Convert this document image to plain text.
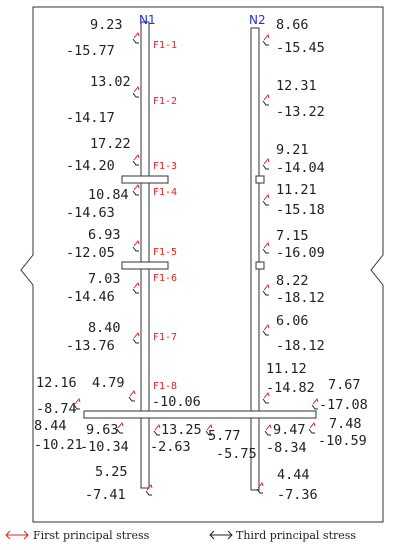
N1	N2
F1-1
F1-2
F1-3
F1-4
F1-5
F1-6
F1-7
F1-8
9.23
-15.77
13.02
-14.17
17.22
-14.20
10.84
-14.63
6.93
-12.05
7.03
-14.46
8.40
-13.76
4.79
-10.06
8.66
-15.45
12.31
-13.22
9.21
-14.04
11.21
-15.18
7.15
-16.09
8.22
-18.12
6.06
-18.12
11.12
-14.82
12.16
-8.74
8.44
-10.21
9.63
-10.34
13.25
-2.63
5.77
-5.75
9.47
-8.34
7.67
-17.08
7.48
-10.59
5.25
-7.41
4.44
-7.36
First principal stress	Third principal stress
